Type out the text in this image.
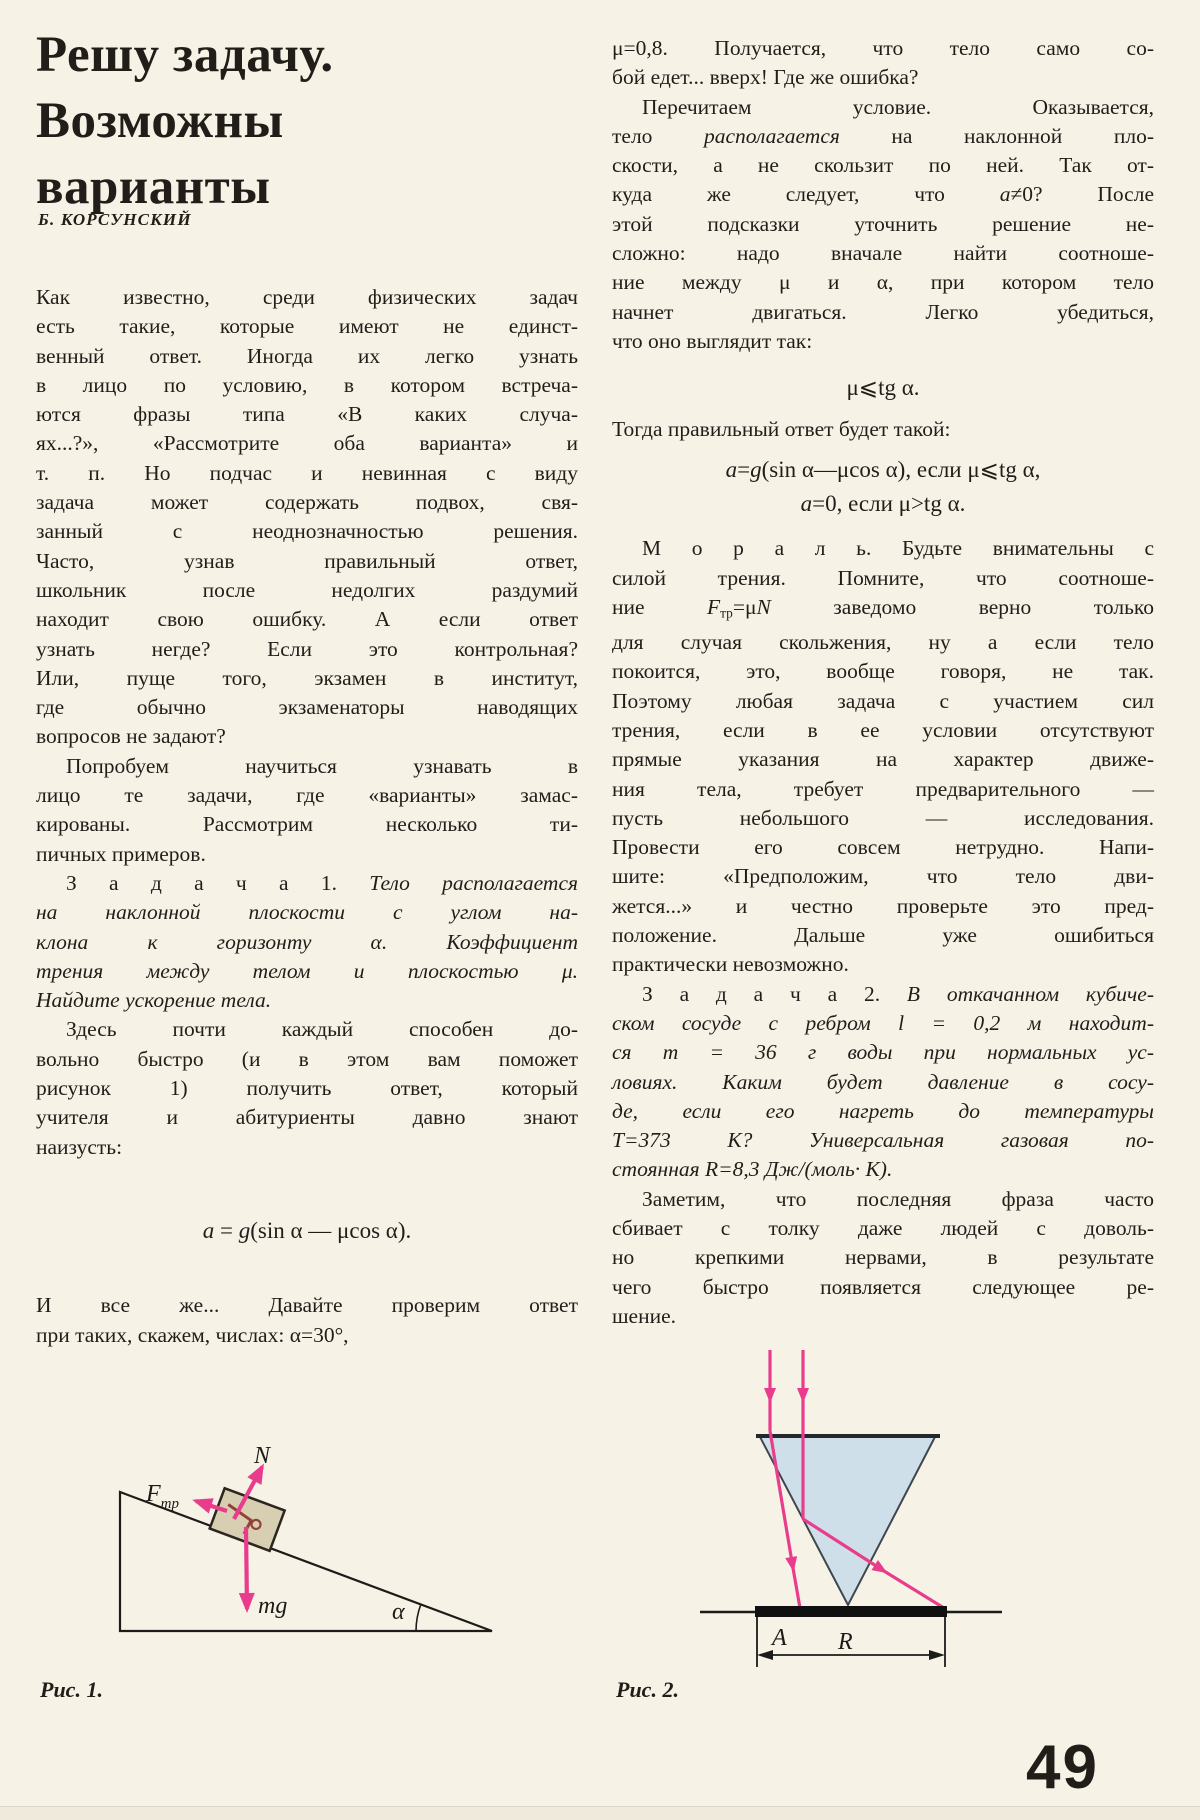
Решу задачу.
Возможны
варианты
Б. КОРСУНСКИЙ
Как известно, среди физических задач
есть такие, которые имеют не единст-
венный ответ. Иногда их легко узнать
в лицо по условию, в котором встреча-
ются фразы типа «В каких случа-
ях...?», «Рассмотрите оба варианта» и
т. п. Но подчас и невинная с виду
задача может содержать подвох, свя-
занный с неоднозначностью решения.
Часто, узнав правильный ответ,
школьник после недолгих раздумий
находит свою ошибку. А если ответ
узнать негде? Если это контрольная?
Или, пуще того, экзамен в институт,
где обычно экзаменаторы наводящих
вопросов не задают?
Попробуем научиться узнавать в
лицо те задачи, где «варианты» замас-
кированы. Рассмотрим несколько ти-
пичных примеров.
З а д а ч а 1. Тело располагается
на наклонной плоскости с углом на-
клона к горизонту α. Коэффициент
трения между телом и плоскостью μ.
Найдите ускорение тела.
Здесь почти каждый способен до-
вольно быстро (и в этом вам поможет
рисунок 1) получить ответ, который
учителя и абитуриенты давно знают
наизусть:
a = g(sin α — μcos α).
И все же... Давайте проверим ответ
при таких, скажем, числах: α=30°,
μ=0,8. Получается, что тело само со-
бой едет... вверх! Где же ошибка?
Перечитаем условие. Оказывается,
тело располагается на наклонной пло-
скости, а не скользит по ней. Так от-
куда же следует, что a≠0? После
этой подсказки уточнить решение не-
сложно: надо вначале найти соотноше-
ние между μ и α, при котором тело
начнет двигаться. Легко убедиться,
что оно выглядит так:
μ⩽tg α.
Тогда правильный ответ будет такой:
a=g(sin α—μcos α), если μ⩽tg α,
a=0, если μ>tg α.
М о р а л ь. Будьте внимательны с
силой трения. Помните, что соотноше-
ние $F_{тр}=\mu N$ заведомо верно только
для случая скольжения, ну а если тело
покоится, это, вообще говоря, не так.
Поэтому любая задача с участием сил
трения, если в ее условии отсутствуют
прямые указания на характер движе-
ния тела, требует предварительного —
пусть небольшого — исследования.
Провести его совсем нетрудно. Напи-
шите: «Предположим, что тело дви-
жется...» и честно проверьте это пред-
положение. Дальше уже ошибиться
практически невозможно.
З а д а ч а 2. В откачанном кубиче-
ском сосуде с ребром l = 0,2 м находит-
ся m = 36 г воды при нормальных ус-
ловиях. Каким будет давление в сосу-
де, если его нагреть до температуры
Т=373 К? Универсальная газовая по-
стоянная R=8,3 Дж/(моль· К).
Заметим, что последняя фраза часто
сбивает с толку даже людей с доволь-
но крепкими нервами, в результате
чего быстро появляется следующее ре-
шение.
N
$F_{тр}$
mg	α
A R
Рис. 1.	Рис. 2.
49
